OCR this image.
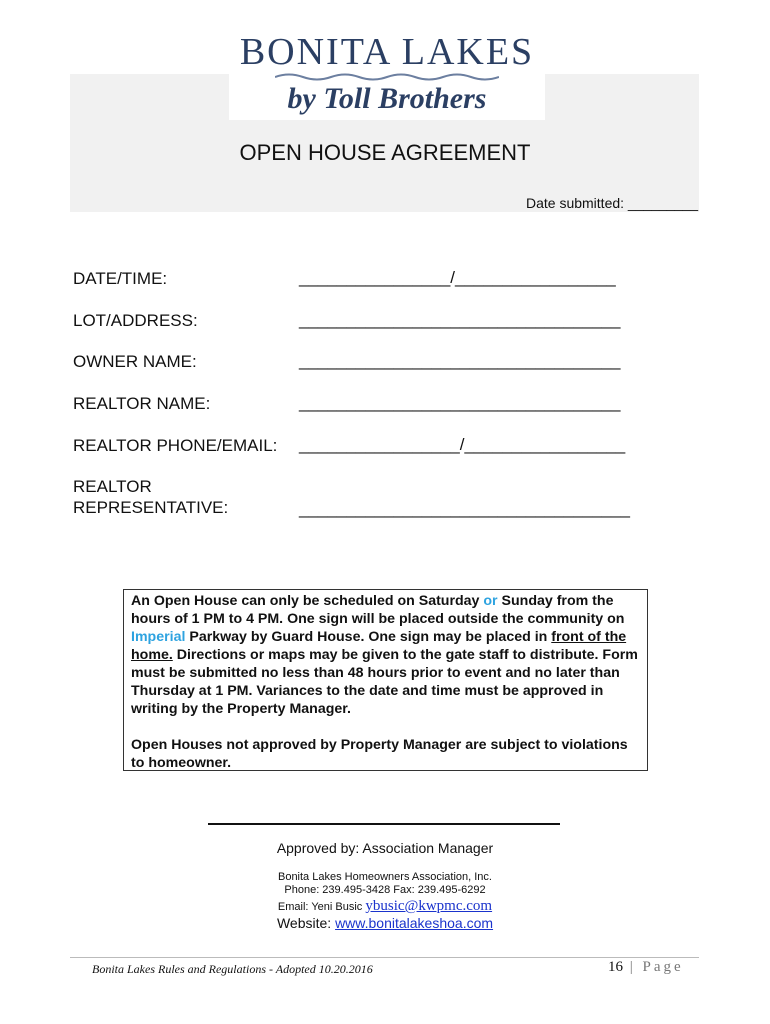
BONITA LAKES
by Toll Brothers
OPEN HOUSE AGREEMENT
Date submitted: _________
DATE/TIME:	________________/_________________
LOT/ADDRESS:	__________________________________
OWNER NAME:	__________________________________
REALTOR NAME:	__________________________________
REALTOR PHONE/EMAIL: _________________/_________________
REALTOR
REPRESENTATIVE:	___________________________________

An Open House can only be scheduled on Saturday or Sunday from the hours of 1 PM to 4 PM. One sign will be placed outside the community on Imperial Parkway by Guard House. One sign may be placed in front of the home. Directions or maps may be given to the gate staff to distribute. Form must be submitted no less than 48 hours prior to event and no later than Thursday at 1 PM. Variances to the date and time must be approved in writing by the Property Manager.

Open Houses not approved by Property Manager are subject to violations to homeowner.

Approved by: Association Manager
Bonita Lakes Homeowners Association, Inc.
Phone: 239.495-3428 Fax: 239.495-6292
Email: Yeni Busic ybusic@kwpmc.com
Website: www.bonitalakeshoa.com
Bonita Lakes Rules and Regulations - Adopted 10.20.2016	16 | Page
